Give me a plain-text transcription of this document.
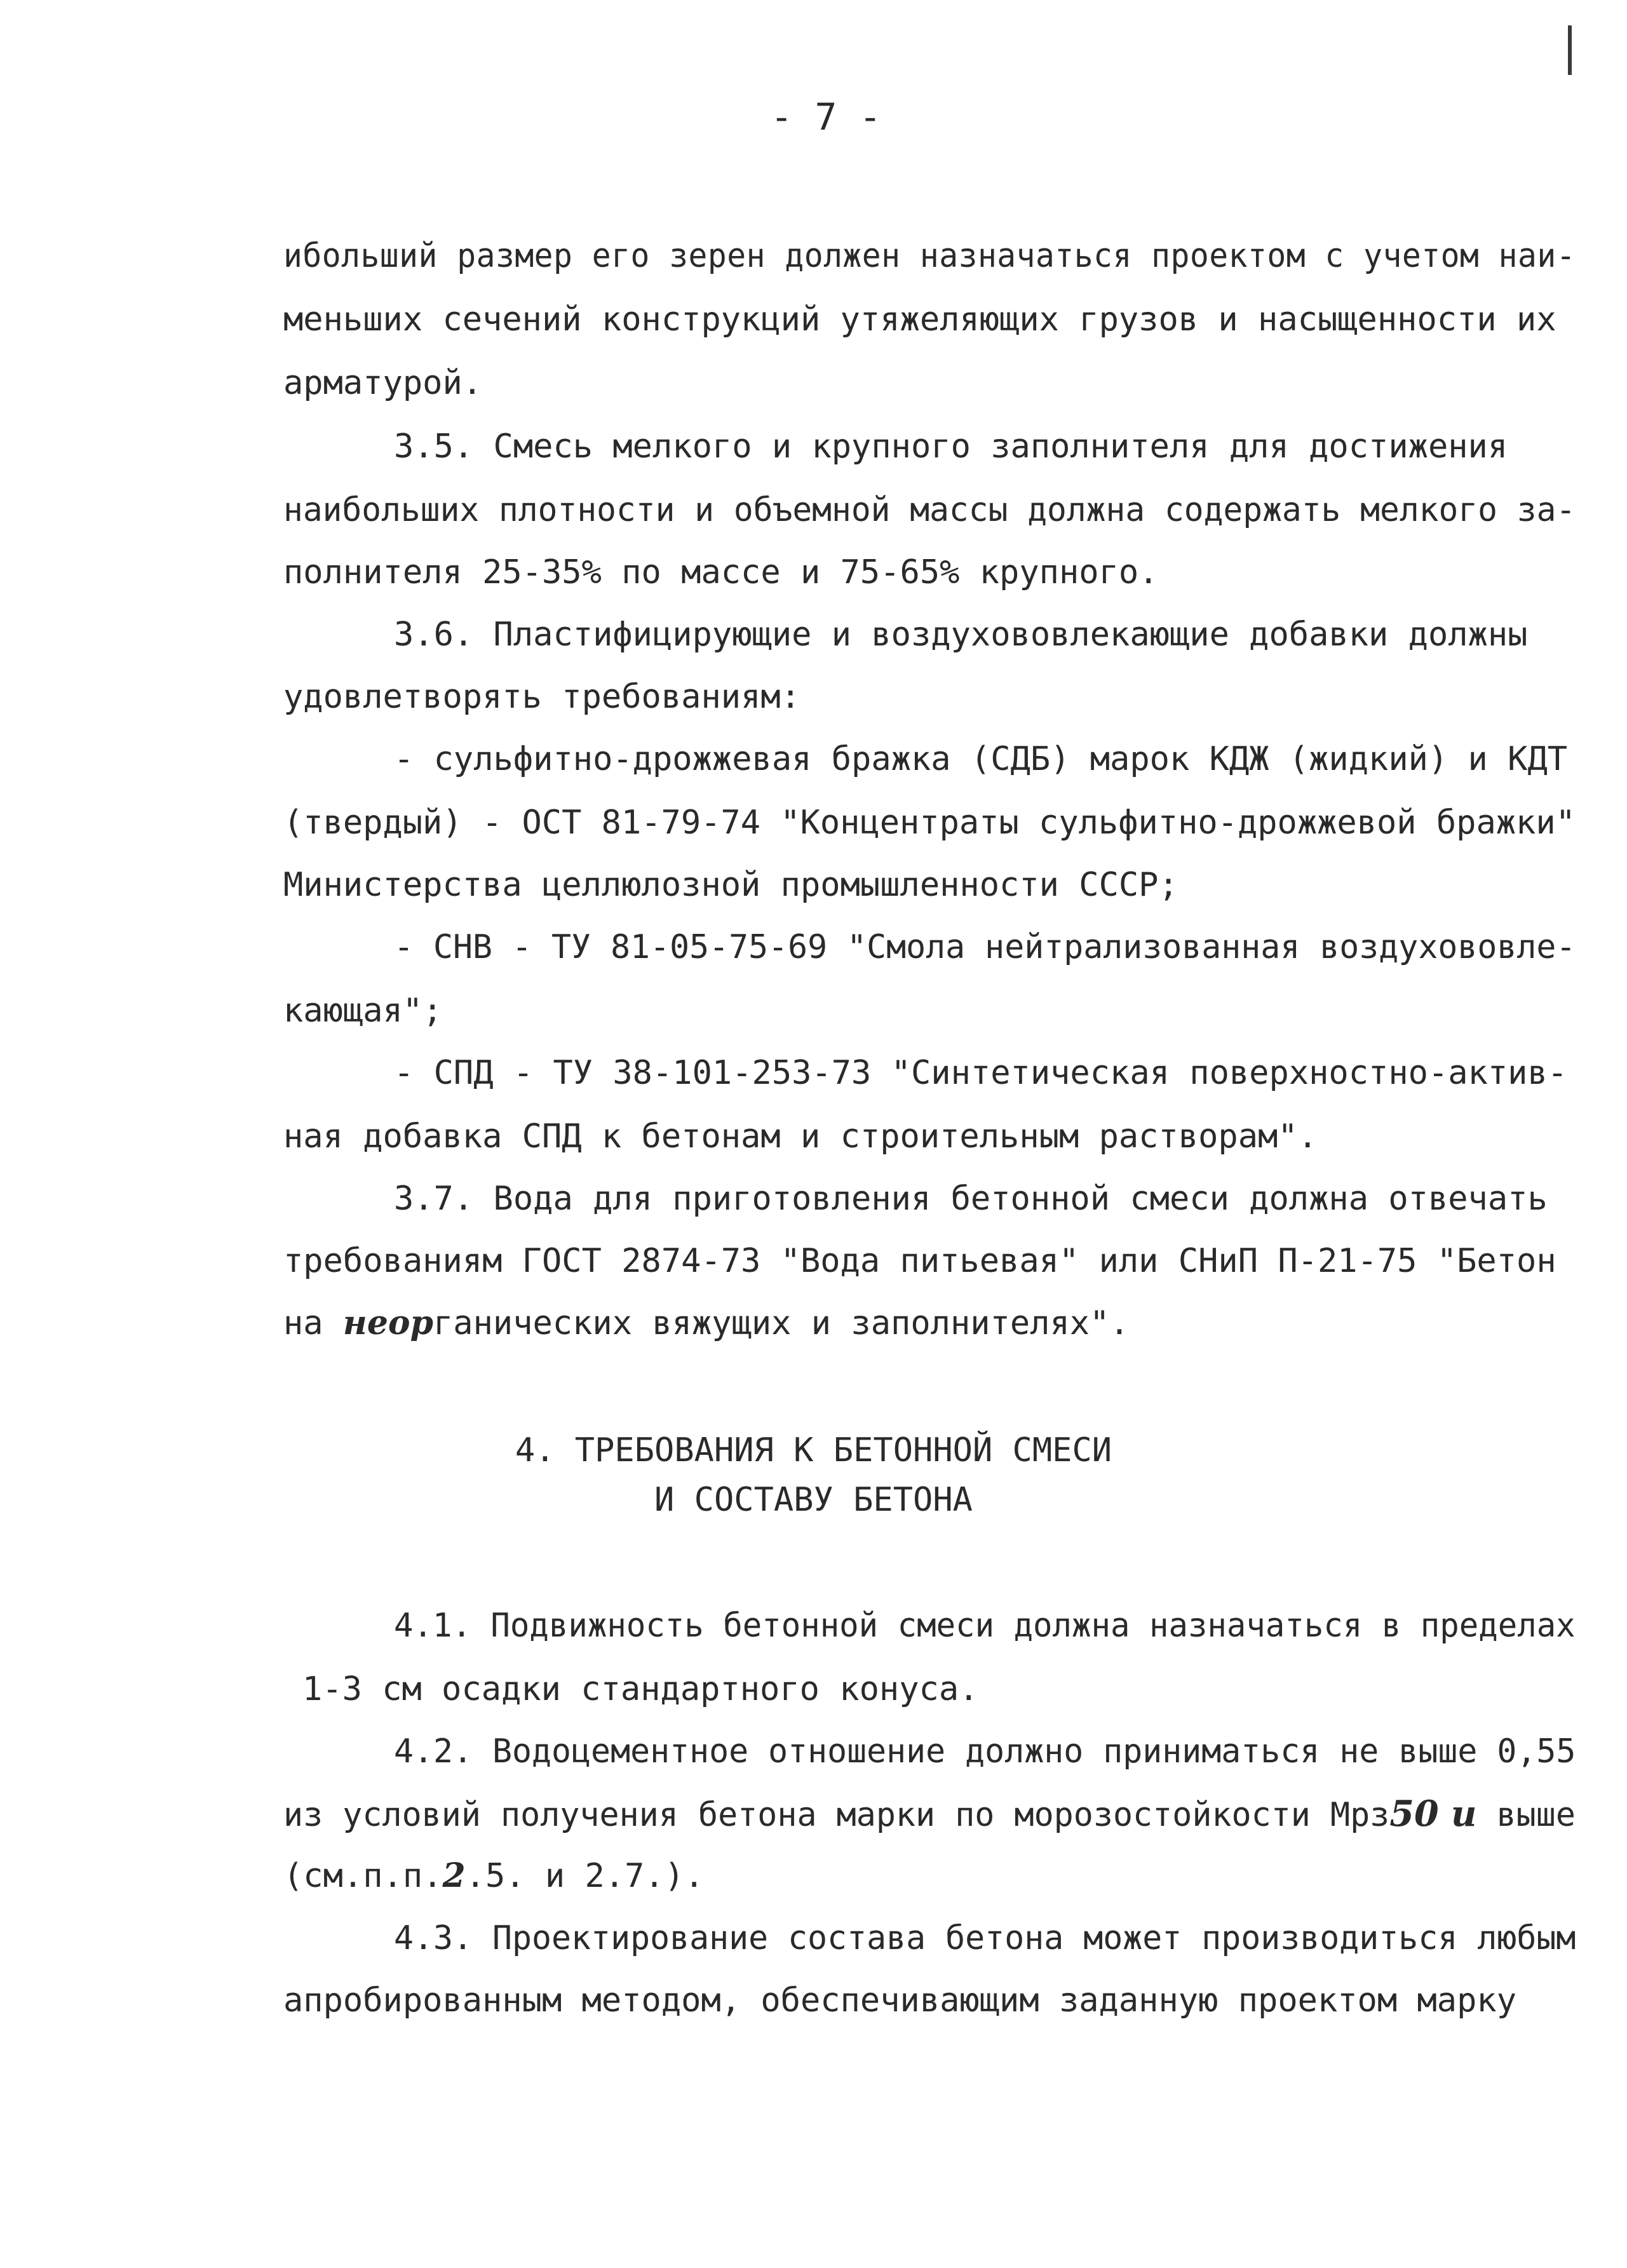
- 7 -
ибольший размер его зерен должен назначаться проектом с учетом наи-
меньших сечений конструкций утяжеляющих грузов и насыщенности их
арматурой.
3.5. Смесь мелкого и крупного заполнителя для достижения
наибольших плотности и объемной массы должна содержать мелкого за-
полнителя 25-35% по массе и 75-65% крупного.
3.6. Пластифицирующие и воздухововлекающие добавки должны
удовлетворять требованиям:
- сульфитно-дрожжевая бражка (СДБ) марок КДЖ (жидкий) и КДТ
(твердый) - ОСТ 81-79-74 "Концентраты сульфитно-дрожжевой бражки"
Министерства целлюлозной промышленности СССР;
- СНВ - ТУ 81-05-75-69 "Смола нейтрализованная воздухововле-
кающая";
- СПД - ТУ 38-101-253-73 "Синтетическая поверхностно-актив-
ная добавка СПД к бетонам и строительным растворам".
3.7. Вода для приготовления бетонной смеси должна отвечать
требованиям ГОСТ 2874-73 "Вода питьевая" или СНиП П-21-75 "Бетон
на неорганических вяжущих и заполнителях".
4. ТРЕБОВАНИЯ К БЕТОННОЙ СМЕСИ
И СОСТАВУ БЕТОНА
4.1. Подвижность бетонной смеси должна назначаться в пределах
1-3 см осадки стандартного конуса.
4.2. Водоцементное отношение должно приниматься не выше 0,55
из условий получения бетона марки по морозостойкости Мрз50 и выше
(см.п.п.2.5. и 2.7.).
4.3. Проектирование состава бетона может производиться любым
апробированным методом, обеспечивающим заданную проектом марку
